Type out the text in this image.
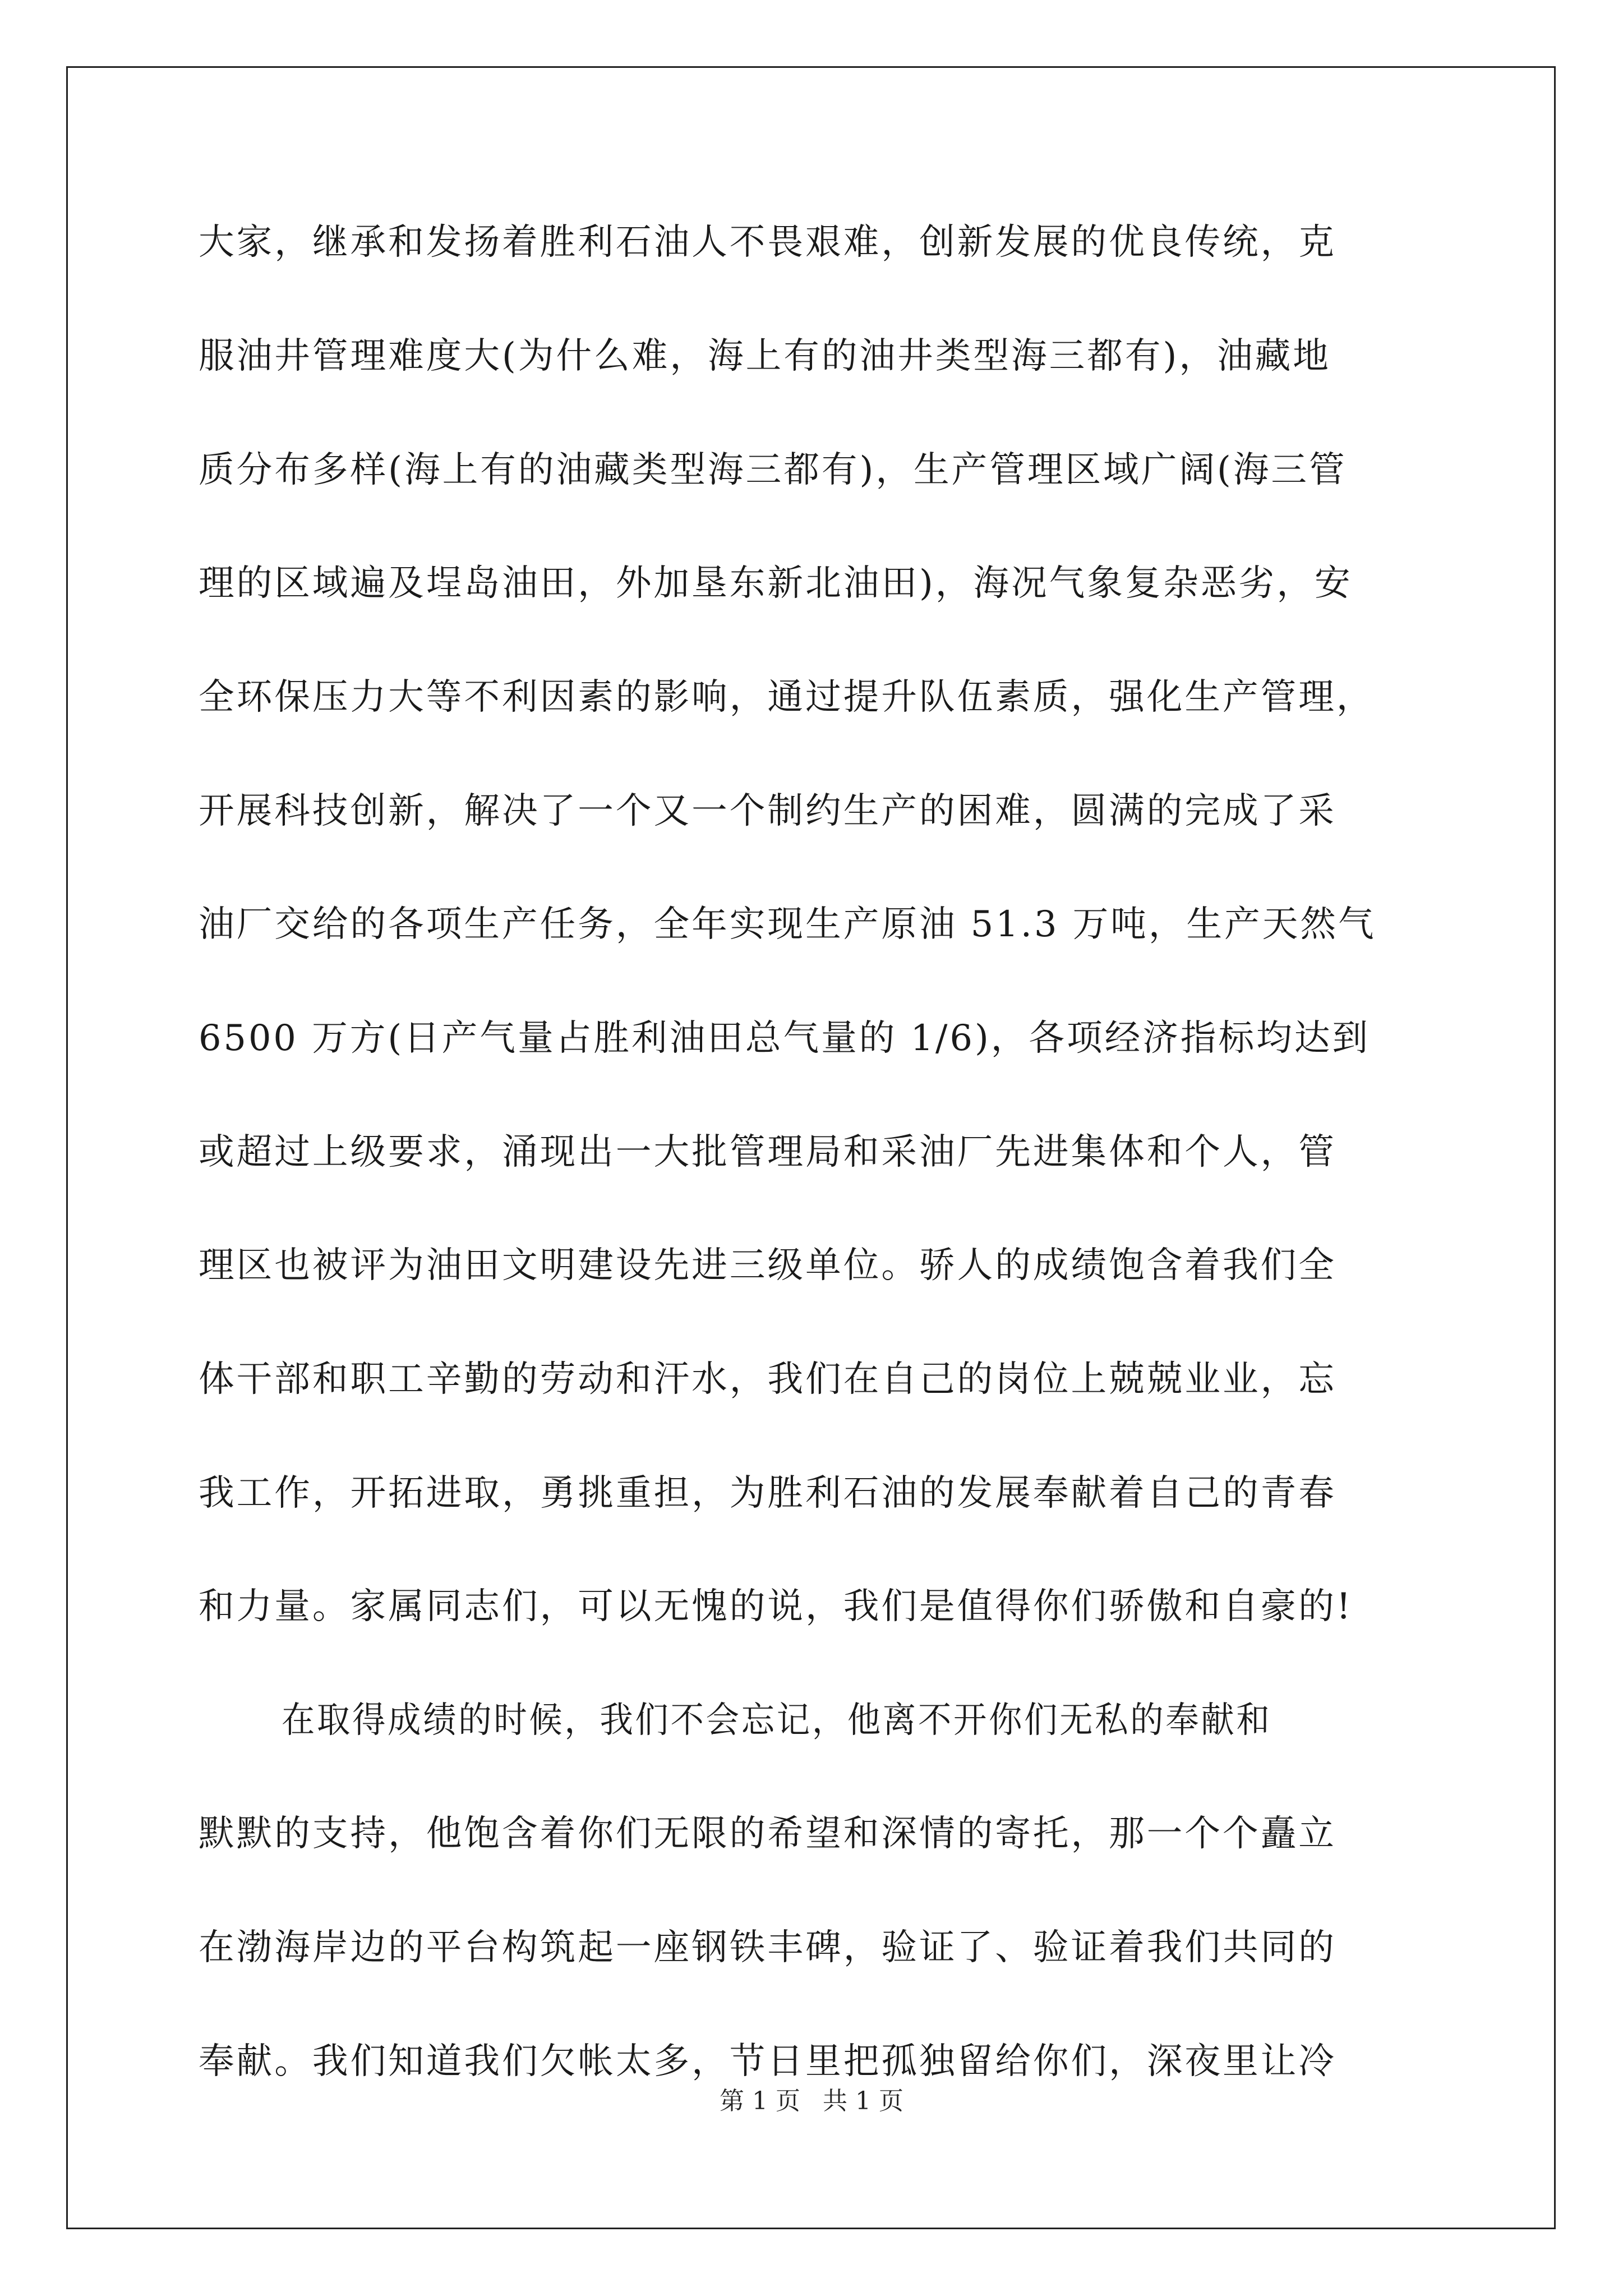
大家，继承和发扬着胜利石油人不畏艰难，创新发展的优良传统，克
服油井管理难度大(为什么难，海上有的油井类型海三都有)，油藏地
质分布多样(海上有的油藏类型海三都有)，生产管理区域广阔(海三管
理的区域遍及埕岛油田，外加垦东新北油田)，海况气象复杂恶劣，安
全环保压力大等不利因素的影响，通过提升队伍素质，强化生产管理，
开展科技创新，解决了一个又一个制约生产的困难，圆满的完成了采
油厂交给的各项生产任务，全年实现生产原油 51.3 万吨，生产天然气
6500 万方(日产气量占胜利油田总气量的 1/6)，各项经济指标均达到
或超过上级要求，涌现出一大批管理局和采油厂先进集体和个人，管
理区也被评为油田文明建设先进三级单位。骄人的成绩饱含着我们全
体干部和职工辛勤的劳动和汗水，我们在自己的岗位上兢兢业业，忘
我工作，开拓进取，勇挑重担，为胜利石油的发展奉献着自己的青春
和力量。家属同志们，可以无愧的说，我们是值得你们骄傲和自豪的!
在取得成绩的时候，我们不会忘记，他离不开你们无私的奉献和
默默的支持，他饱含着你们无限的希望和深情的寄托，那一个个矗立
在渤海岸边的平台构筑起一座钢铁丰碑，验证了、验证着我们共同的
奉献。我们知道我们欠帐太多，节日里把孤独留给你们，深夜里让冷
第 1 页 共 1 页
